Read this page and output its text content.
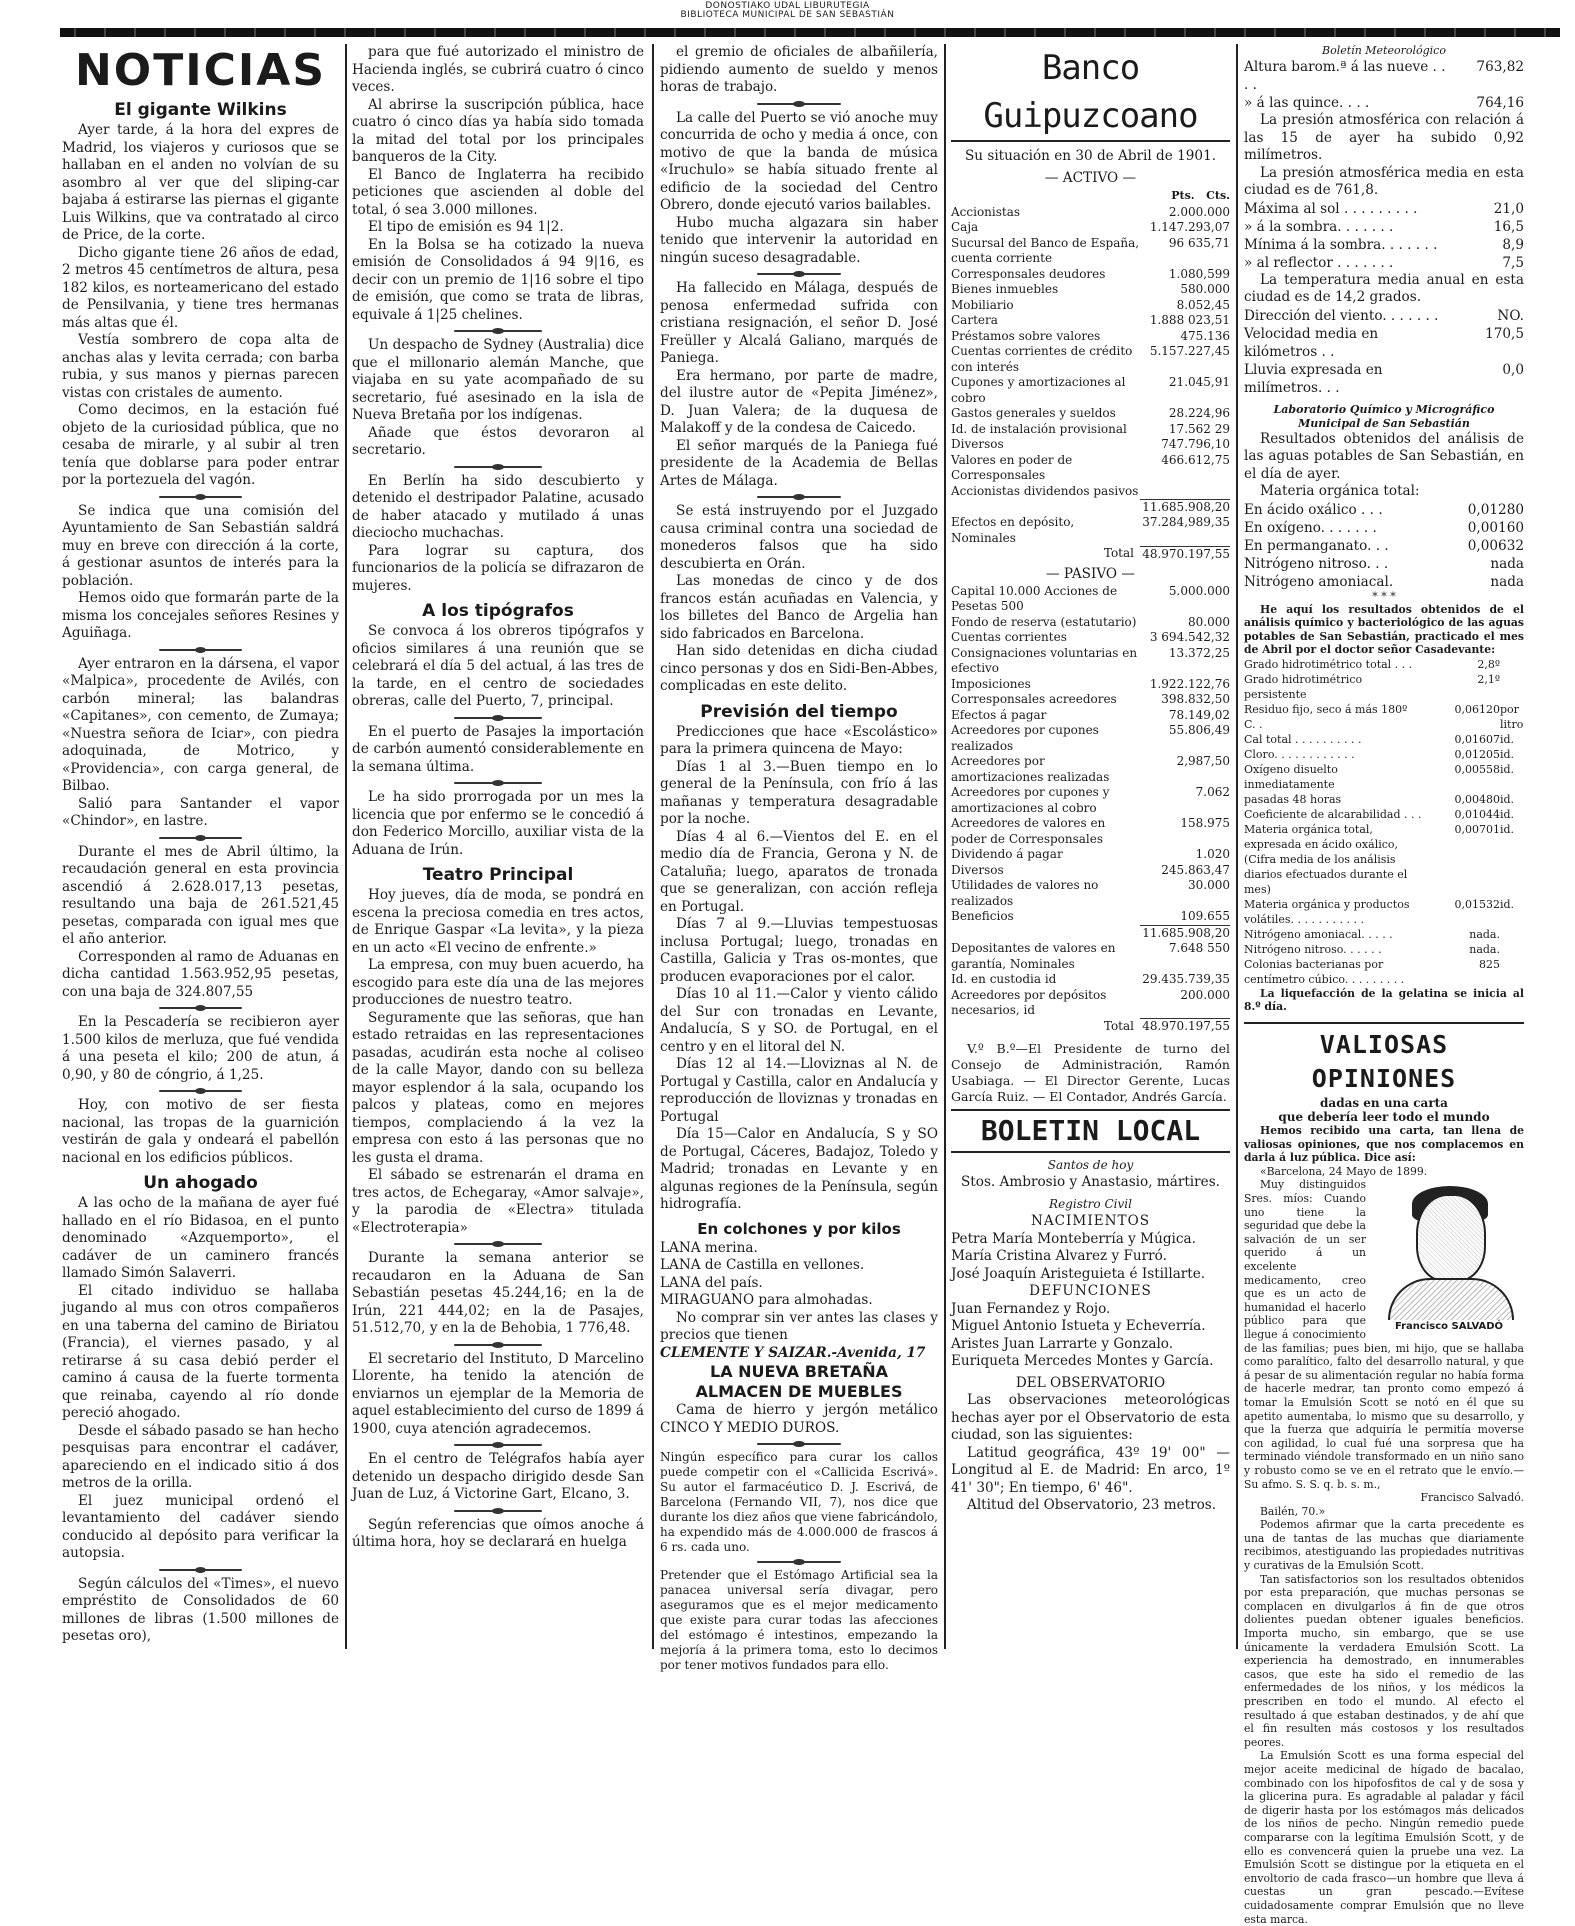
DONOSTIAKO UDAL LIBURUTEGIA
BIBLIOTECA MUNICIPAL DE SAN SEBASTIÁN
NOTICIAS
El gigante Wilkins

Ayer tarde, á la hora del expres de Madrid, los viajeros y curiosos que se hallaban en el anden no volvían de su asombro al ver que del sliping-car bajaba á estirarse las piernas el gigante Luis Wilkins, que va contratado al circo de Price, de la corte.

Dicho gigante tiene 26 años de edad, 2 metros 45 centímetros de altura, pesa 182 kilos, es norteamericano del estado de Pensilvania, y tiene tres hermanas más altas que él.

Vestía sombrero de copa alta de anchas alas y levita cerrada; con barba rubia, y sus manos y piernas parecen vistas con cristales de aumento.

Como decimos, en la estación fué objeto de la curiosidad pública, que no cesaba de mirarle, y al subir al tren tenía que doblarse para poder entrar por la portezuela del vagón.

Se indica que una comisión del Ayuntamiento de San Sebastián saldrá muy en breve con dirección á la corte, á gestionar asuntos de interés para la población.

Hemos oido que formarán parte de la misma los concejales señores Resines y Aguiñaga.

Ayer entraron en la dársena, el vapor «Malpica», procedente de Avilés, con carbón mineral; las balandras «Capitanes», con cemento, de Zumaya; «Nuestra señora de Iciar», con piedra adoquinada, de Motrico, y «Providencia», con carga general, de Bilbao.

Salió para Santander el vapor «Chindor», en lastre.

Durante el mes de Abril último, la recaudación general en esta provincia ascendió á 2.628.017,13 pesetas, resultando una baja de 261.521,45 pesetas, comparada con igual mes que el año anterior.

Corresponden al ramo de Aduanas en dicha cantidad 1.563.952,95 pesetas, con una baja de 324.807,55

En la Pescadería se recibieron ayer 1.500 kilos de merluza, que fué vendida á una peseta el kilo; 200 de atun, á 0,90, y 80 de cóngrio, á 1,25.

Hoy, con motivo de ser fiesta nacional, las tropas de la guarnición vestirán de gala y ondeará el pabellón nacional en los edificios públicos.

Un ahogado

A las ocho de la mañana de ayer fué hallado en el río Bidasoa, en el punto denominado «Azquemporto», el cadáver de un caminero francés llamado Simón Salaverri.

El citado individuo se hallaba jugando al mus con otros compañeros en una taberna del camino de Biriatou (Francia), el viernes pasado, y al retirarse á su casa debió perder el camino á causa de la fuerte tormenta que reinaba, cayendo al río donde pereció ahogado.

Desde el sábado pasado se han hecho pesquisas para encontrar el cadáver, apareciendo en el indicado sitio á dos metros de la orilla.

El juez municipal ordenó el levantamiento del cadáver siendo conducido al depósito para verificar la autopsia.

Según cálculos del «Times», el nuevo empréstito de Consolidados de 60 millones de libras (1.500 millones de pesetas oro),

para que fué autorizado el ministro de Hacienda inglés, se cubrirá cuatro ó cinco veces.

Al abrirse la suscripción pública, hace cuatro ó cinco días ya había sido tomada la mitad del total por los principales banqueros de la City.

El Banco de Inglaterra ha recibido peticiones que ascienden al doble del total, ó sea 3.000 millones.

El tipo de emisión es 94 1|2.

En la Bolsa se ha cotizado la nueva emisión de Consolidados á 94 9|16, es decir con un premio de 1|16 sobre el tipo de emisión, que como se trata de libras, equivale á 1|25 chelines.

Un despacho de Sydney (Australia) dice que el millonario alemán Manche, que viajaba en su yate acompañado de su secretario, fué asesinado en la isla de Nueva Bretaña por los indígenas.

Añade que éstos devoraron al secretario.

En Berlín ha sido descubierto y detenido el destripador Palatine, acusado de haber atacado y mutilado á unas dieciocho muchachas.

Para lograr su captura, dos funcionarios de la policía se difrazaron de mujeres.

A los tipógrafos

Se convoca á los obreros tipógrafos y oficios similares á una reunión que se celebrará el día 5 del actual, á las tres de la tarde, en el centro de sociedades obreras, calle del Puerto, 7, principal.

En el puerto de Pasajes la importación de carbón aumentó considerablemente en la semana última.

Le ha sido prorrogada por un mes la licencia que por enfermo se le concedió á don Federico Morcillo, auxiliar vista de la Aduana de Irún.

Teatro Principal

Hoy jueves, día de moda, se pondrá en escena la preciosa comedia en tres actos, de Enrique Gaspar «La levita», y la pieza en un acto «El vecino de enfrente.»

La empresa, con muy buen acuerdo, ha escogido para este día una de las mejores producciones de nuestro teatro.

Seguramente que las señoras, que han estado retraidas en las representaciones pasadas, acudirán esta noche al coliseo de la calle Mayor, dando con su belleza mayor esplendor á la sala, ocupando los palcos y plateas, como en mejores tiempos, complaciendo á la vez la empresa con esto á las personas que no les gusta el drama.

El sábado se estrenarán el drama en tres actos, de Echegaray, «Amor salvaje», y la parodia de «Electra» titulada «Electroterapia»

Durante la semana anterior se recaudaron en la Aduana de San Sebastián pesetas 45.244,16; en la de Irún, 221 444,02; en la de Pasajes, 51.512,70, y en la de Behobia, 1 776,48.

El secretario del Instituto, D Marcelino Llorente, ha tenido la atención de enviarnos un ejemplar de la Memoria de aquel establecimiento del curso de 1899 á 1900, cuya atención agradecemos.

En el centro de Telégrafos había ayer detenido un despacho dirigido desde San Juan de Luz, á Victorine Gart, Elcano, 3.

Según referencias que oímos anoche á última hora, hoy se declarará en huelga

el gremio de oficiales de albañilería, pidiendo aumento de sueldo y menos horas de trabajo.

La calle del Puerto se vió anoche muy concurrida de ocho y media á once, con motivo de que la banda de música «Iruchulo» se había situado frente al edificio de la sociedad del Centro Obrero, donde ejecutó varios bailables.

Hubo mucha algazara sin haber tenido que intervenir la autoridad en ningún suceso desagradable.

Ha fallecido en Málaga, después de penosa enfermedad sufrida con cristiana resignación, el señor D. José Freüller y Alcalá Galiano, marqués de Paniega.

Era hermano, por parte de madre, del ilustre autor de «Pepita Jiménez», D. Juan Valera; de la duquesa de Malakoff y de la condesa de Caicedo.

El señor marqués de la Paniega fué presidente de la Academia de Bellas Artes de Málaga.

Se está instruyendo por el Juzgado causa criminal contra una sociedad de monederos falsos que ha sido descubierta en Orán.

Las monedas de cinco y de dos francos están acuñadas en Valencia, y los billetes del Banco de Argelia han sido fabricados en Barcelona.

Han sido detenidas en dicha ciudad cinco personas y dos en Sidi-Ben-Abbes, complicadas en este delito.

Previsión del tiempo

Predicciones que hace «Escolástico» para la primera quincena de Mayo:

Días 1 al 3.—Buen tiempo en lo general de la Península, con frío á las mañanas y temperatura desagradable por la noche.

Días 4 al 6.—Vientos del E. en el medio día de Francia, Gerona y N. de Cataluña; luego, aparatos de tronada que se generalizan, con acción refleja en Portugal.

Días 7 al 9.—Lluvias tempestuosas inclusa Portugal; luego, tronadas en Castilla, Galicia y Tras os-montes, que producen evaporaciones por el calor.

Días 10 al 11.—Calor y viento cálido del Sur con tronadas en Levante, Andalucía, S y SO. de Portugal, en el centro y en el litoral del N.

Días 12 al 14.—Lloviznas al N. de Portugal y Castilla, calor en Andalucía y reproducción de lloviznas y tronadas en Portugal

Día 15—Calor en Andalucía, S y SO de Portugal, Cáceres, Badajoz, Toledo y Madrid; tronadas en Levante y en algunas regiones de la Península, según hidrografía.

En colchones y por kilos
LANA merina.
LANA de Castilla en vellones.
LANA del país.
MIRAGUANO para almohadas.

No comprar sin ver antes las clases y precios que tienen

CLEMENTE Y SAIZAR.-Avenida, 17
LA NUEVA BRETAÑA
ALMACEN DE MUEBLES

Cama de hierro y jergón metálico CINCO Y MEDIO DUROS.

Ningún específico para curar los callos puede competir con el «Callicida Escrivá». Su autor el farmacéutico D. J. Escrivá, de Barcelona (Fernando VII, 7), nos dice que durante los diez años que viene fabricándolo, ha expendido más de 4.000.000 de frascos á 6 rs. cada uno.

Pretender que el Estómago Artificial sea la panacea universal sería divagar, pero aseguramos que es el mejor medicamento que existe para curar todas las afecciones del estómago é intestinos, empezando la mejoría á la primera toma, esto lo decimos por tener motivos fundados para ello.

Banco Guipuzcoano
Su situación en 30 de Abril de 1901.
— ACTIVO —
Pts. Cts.
Accionistas	2.000.000
Caja	1.147.293,07
Sucursal del Banco de España, cuenta corriente	96 635,71
Corresponsales deudores	1.080,599
Bienes inmuebles	580.000
Mobiliario	8.052,45
Cartera	1.888 023,51
Préstamos sobre valores	475.136
Cuentas corrientes de crédito con interés	5.157.227,45
Cupones y amortizaciones al cobro	21.045,91
Gastos generales y sueldos	28.224,96
Id. de instalación provisional	17.562 29
Diversos	747.796,10
Valores en poder de Corresponsales	466.612,75
Accionistas dividendos pasivos	
	11.685.908,20
Efectos en depósito, Nominales	37.284,989,35
Total	48.970.197,55
— PASIVO —
Capital 10.000 Acciones de Pesetas 500	5.000.000
Fondo de reserva (estatutario)	80.000
Cuentas corrientes	3 694.542,32
Consignaciones voluntarias en efectivo	13.372,25
Imposiciones	1.922.122,76
Corresponsales acreedores	398.832,50
Efectos á pagar	78.149,02
Acreedores por cupones realizados	55.806,49
Acreedores por amortizaciones realizadas	2,987,50
Acreedores por cupones y amortizaciones al cobro	7.062
Acreedores de valores en poder de Corresponsales	158.975
Dividendo á pagar	1.020
Diversos	245.863,47
Utilidades de valores no realizados	30.000
Beneficios	109.655
	11.685.908,20
Depositantes de valores en garantía, Nominales	7.648 550
Id. en custodia id	29.435.739,35
Acreedores por depósitos necesarios, id	200.000
Total	48.970.197,55

V.º B.º—El Presidente de turno del Consejo de Administración, Ramón Usabiaga. — El Director Gerente, Lucas García Ruiz. — El Contador, Andrés García.

BOLETIN LOCAL
Santos de hoy
Stos. Ambrosio y Anastasio, mártires.
Registro Civil
NACIMIENTOS
Petra María Monteberría y Múgica.
María Cristina Alvarez y Furró.
José Joaquín Aristeguieta é Istillarte.
DEFUNCIONES
Juan Fernandez y Rojo.
Miguel Antonio Istueta y Echeverría.
Aristes Juan Larrarte y Gonzalo.
Euriqueta Mercedes Montes y García.
DEL OBSERVATORIO

Las observaciones meteorológicas hechas ayer por el Observatorio de esta ciudad, son las siguientes:

Latitud geográfica, 43º 19' 00" — Longitud al E. de Madrid: En arco, 1º 41' 30"; En tiempo, 6' 46".

Altitud del Observatorio, 23 metros.

Boletín Meteorológico
Altura barom.ª á las nueve . . . .	763,82
» á las quince. . . .	764,16

La presión atmosférica con relación á las 15 de ayer ha subido 0,92 milímetros.

La presión atmosférica media en esta ciudad es de 761,8.

Máxima al sol . . . . . . . . .	21,0
» á la sombra. . . . . . .	16,5
Mínima á la sombra. . . . . . .	8,9
» al reflector . . . . . . .	7,5

La temperatura media anual en esta ciudad es de 14,2 grados.

Dirección del viento. . . . . . .	NO.
Velocidad media en kilómetros . .	170,5
Lluvia expresada en milímetros. . .	0,0
Laboratorio Químico y Micrográfico
Municipal de San Sebastián

Resultados obtenidos del análisis de las aguas potables de San Sebastián, en el día de ayer.

Materia orgánica total:
En ácido oxálico . . .	0,01280
En oxígeno. . . . . . .	0,00160
En permanganato. . .	0,00632
Nitrógeno nitroso. . .	nada
Nitrógeno amoniacal.	nada
* * *

He aquí los resultados obtenidos de el análisis químico y bacteriológico de las aguas potables de San Sebastián, practicado el mes de Abril por el doctor señor Casadevante:

Grado hidrotimétrico total . . .	2,8º	
Grado hidrotimétrico persistente	2,1º	
Residuo fijo, seco á más 180º C. .	0,06120	por litro
Cal total . . . . . . . . . .	0,01607	id.
Cloro. . . . . . . . . . . .	0,01205	id.
Oxígeno disuelto inmediatamente	0,00558	id.
pasadas 48 horas	0,00480	id.
Coeficiente de alcarabilidad . . .	0,01044	id.
Materia orgánica total, expresada en ácido oxálico, (Cifra media de los análisis diarios efectuados durante el mes)	0,00701	id.
Materia orgánica y productos volátiles. . . . . . . . . . .	0,01532	id.
Nitrógeno amoniacal. . . . .	nada.	
Nitrógeno nitroso. . . . . .	nada.	
Colonias bacterianas por centímetro cúbico. . . . . . . . .	825	

La liquefacción de la gelatina se inicia al 8.º día.

VALIOSAS OPINIONES
dadas en una carta
que debería leer todo el mundo

Hemos recibido una carta, tan llena de valiosas opiniones, que nos complacemos en darla á luz pública. Dice así:

«Barcelona, 24 Mayo de 1899.

Francisco SALVADÓ

Muy distinguidos Sres. míos: Cuando uno tiene la seguridad que debe la salvación de un ser querido á un excelente medicamento, creo que es un acto de humanidad el hacerlo público para que llegue á conocimiento de las familias; pues bien, mi hijo, que se hallaba como paralítico, falto del desarrollo natural, y que á pesar de su alimentación regular no había forma de hacerle medrar, tan pronto como empezó á tomar la Emulsión Scott se notó en él que su apetito aumentaba, lo mismo que su desarrollo, y que la fuerza que adquiría le permitía moverse con agilidad, lo cual fué una sorpresa que ha terminado viéndole transformado en un niño sano y robusto como se ve en el retrato que le envío.—Su afmo. S. S. q. b. s. m.,

Francisco Salvadó.

Bailén, 70.»

Podemos afirmar que la carta precedente es una de tantas de las muchas que diariamente recibimos, atestiguando las propiedades nutritivas y curativas de la Emulsión Scott.

Tan satisfactorios son los resultados obtenidos por esta preparación, que muchas personas se complacen en divulgarlos á fin de que otros dolientes puedan obtener iguales beneficios. Importa mucho, sin embargo, que se use únicamente la verdadera Emulsión Scott. La experiencia ha demostrado, en innumerables casos, que este ha sido el remedio de las enfermedades de los niños, y los médicos la prescriben en todo el mundo. Al efecto el resultado á que estaban destinados, y de ahí que el fin resulten más costosos y los resultados peores.

La Emulsión Scott es una forma especial del mejor aceite medicinal de hígado de bacalao, combinado con los hipofosfitos de cal y de sosa y la glicerina pura. Es agradable al paladar y fácil de digerir hasta por los estómagos más delicados de los niños de pecho. Ningún remedio puede compararse con la legítima Emulsión Scott, y de ello es convencerá quien la pruebe una vez. La Emulsión Scott se distingue por la etiqueta en el envoltorio de cada frasco—un hombre que lleva á cuestas un gran pescado.—Evítese cuidadosamente comprar Emulsión que no lleve esta marca.
